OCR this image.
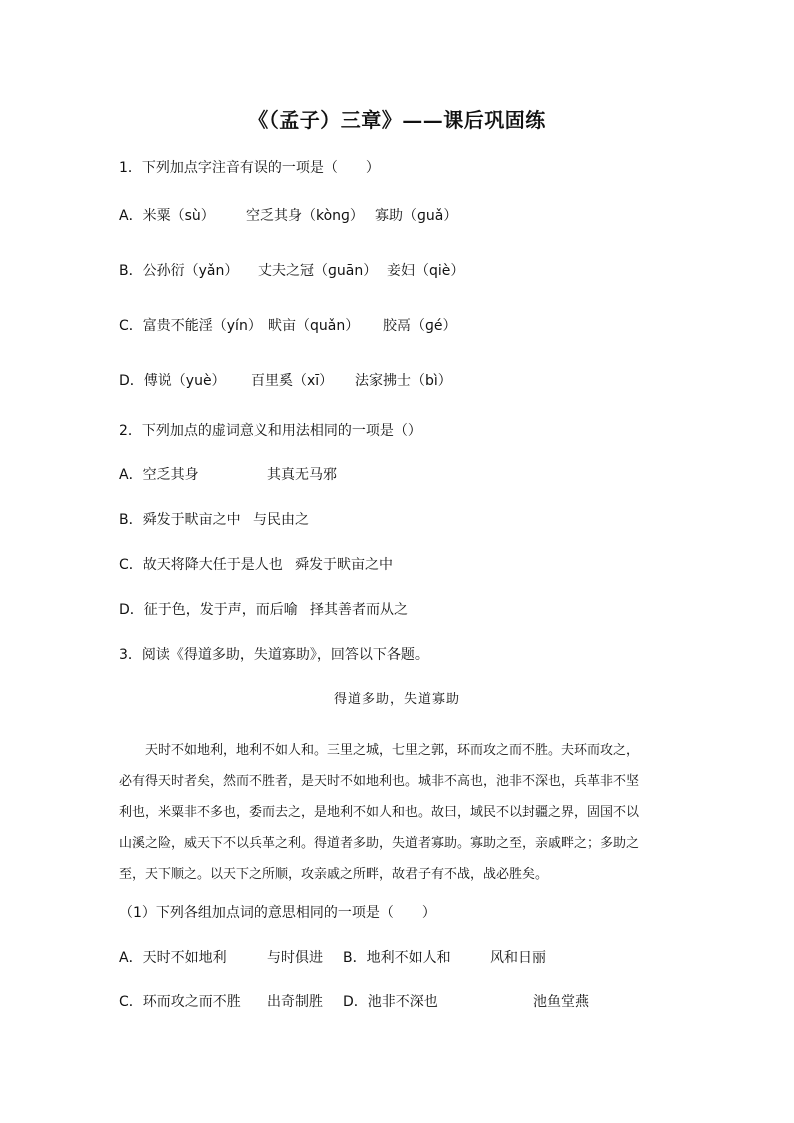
《（孟子）三章》——课后巩固练
1．下列加点字注音有误的一项是（　　）
A．米粟（sù） 空乏其身（kònɡ） 寡助（ɡuǎ）
B．公孙衍（yǎn） 丈夫之冠（ɡuān） 妾妇（qiè）
C．富贵不能淫（yín） 畎亩（quǎn） 胶鬲（ɡé）
D．傅说（yuè） 百里奚（xī） 法家拂士（bì）
2．下列加点的虚词意义和用法相同的一项是（）
A．空乏其身	其真无马邪
B．舜发于畎亩之中 与民由之
C．故天将降大任于是人也 舜发于畎亩之中
D．征于色，发于声，而后喻 择其善者而从之
3．阅读《得道多助，失道寡助》，回答以下各题。
得道多助，失道寡助
　　天时不如地利，地利不如人和。三里之城，七里之郭，环而攻之而不胜。夫环而攻之，
必有得天时者矣，然而不胜者，是天时不如地利也。城非不高也，池非不深也，兵革非不坚
利也，米粟非不多也，委而去之，是地利不如人和也。故曰，域民不以封疆之界，固国不以
山溪之险，威天下不以兵革之利。得道者多助，失道者寡助。寡助之至，亲戚畔之；多助之
至，天下顺之。以天下之所顺，攻亲戚之所畔，故君子有不战，战必胜矣。
（1）下列各组加点词的意思相同的一项是（　　）
A．天时不如地利	与时俱进 B．地利不如人和	风和日丽
C．环而攻之而不胜 出奇制胜 D．池非不深也	池鱼堂燕
